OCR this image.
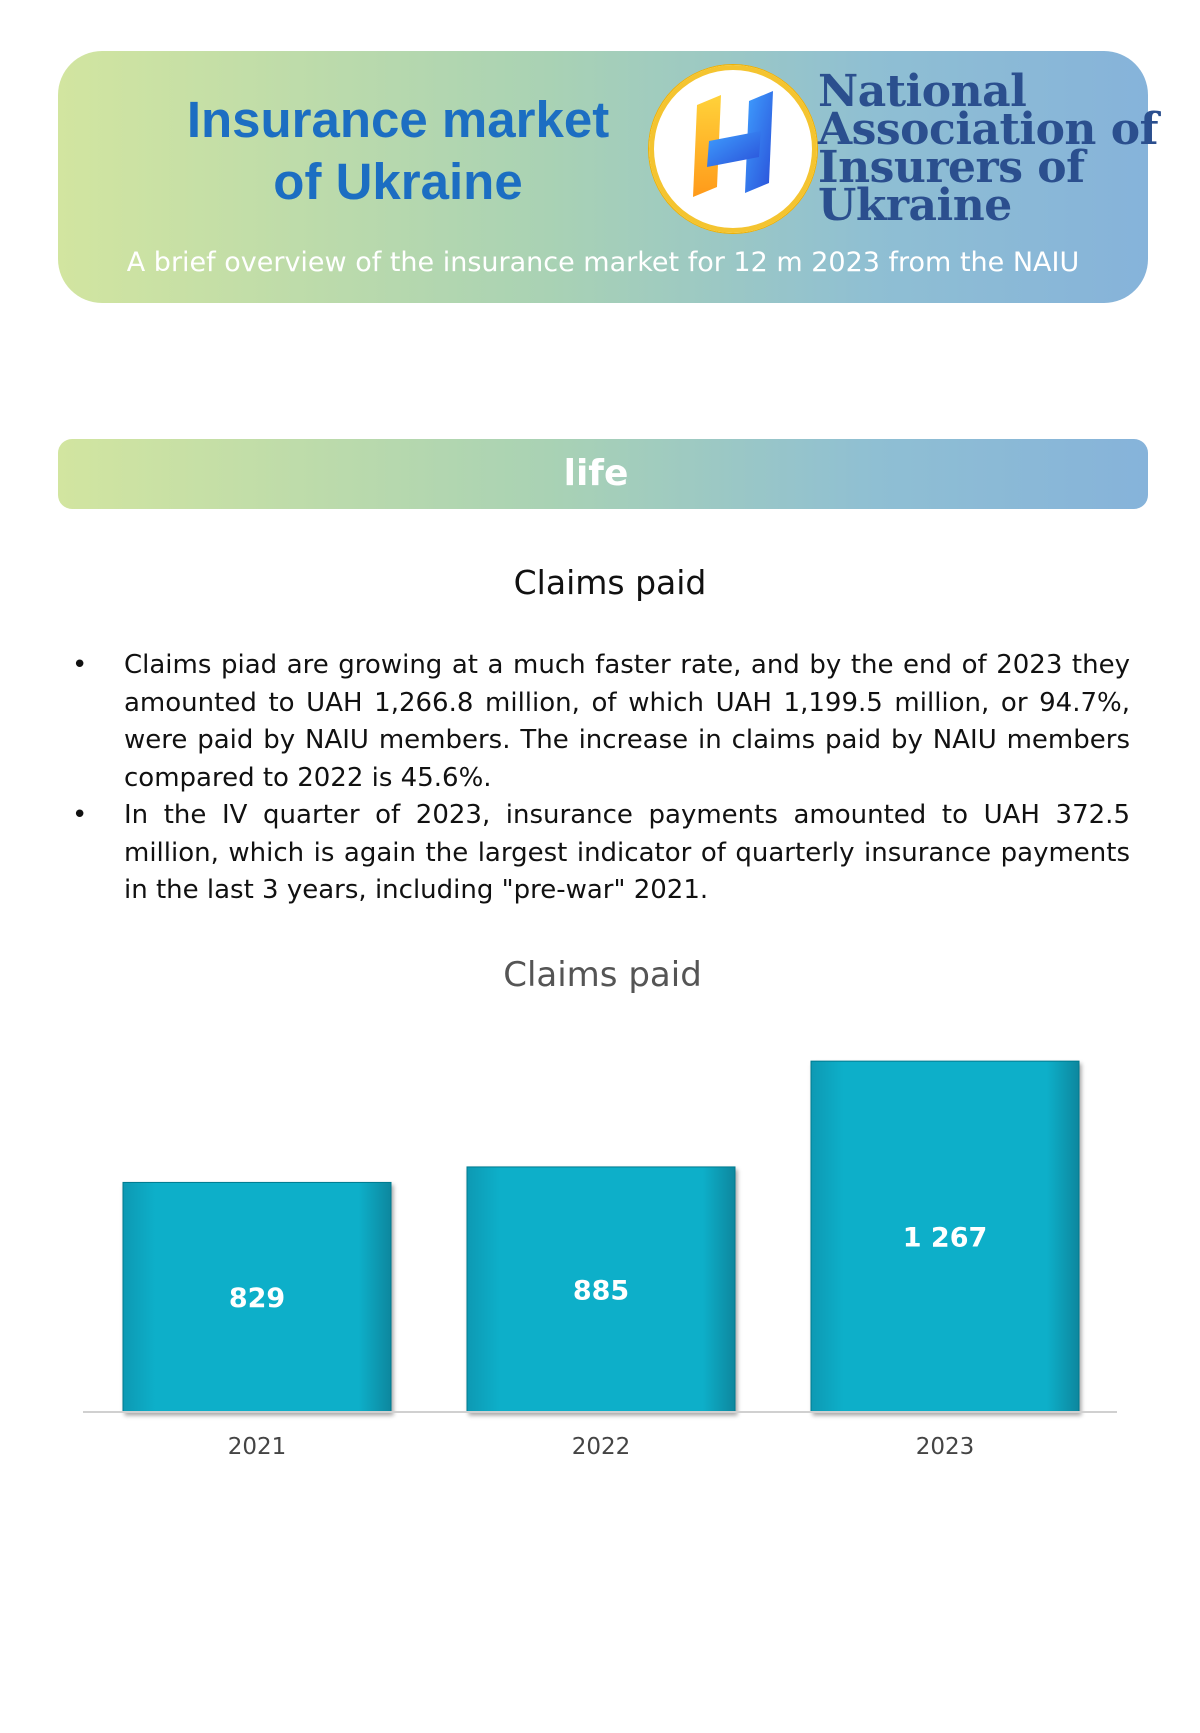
Insurance market
of Ukraine
National
Association of
Insurers of
Ukraine
A brief overview of the insurance market for 12 m 2023 from the NAIU
life
Claims paid
• Claims piad are growing at a much faster rate, and by the end of 2023 they amounted to UAH 1,266.8 million, of which UAH 1,199.5 million, or 94.7%, were paid by NAIU members. The increase in claims paid by NAIU members compared to 2022 is 45.6%.
• In the IV quarter of 2023, insurance payments amounted to UAH 372.5 million, which is again the largest indicator of quarterly insurance payments in the last 3 years, including "pre-war" 2021.
Claims paid
829
2021
885
2022
1 267
2023
